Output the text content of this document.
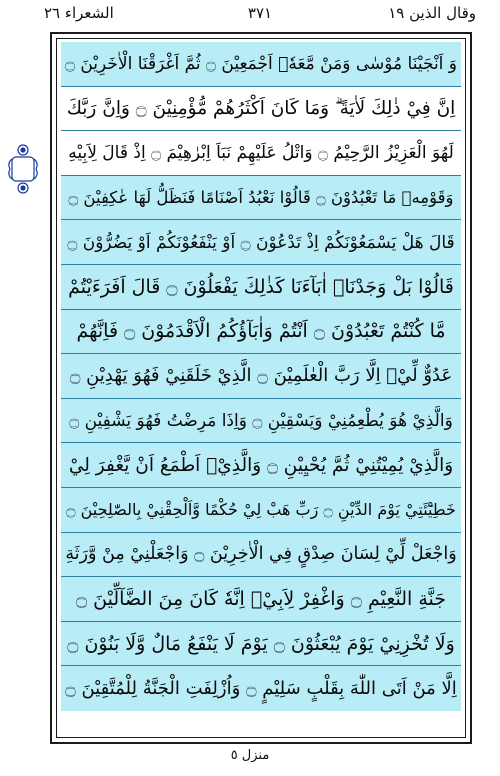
وقال الذين ١٩
٣٧١
الشعراء ٢٦
وَ اَنْجَيْنَا مُوْسٰى وَمَنْ مَّعَهٗۤ اَجْمَعِيْنَ ۝ ثُمَّ اَغْرَقْنَا الْاٰخَرِيْنَ ۝
اِنَّ فِيْ ذٰلِكَ لَاٰيَةً ۗ وَمَا كَانَ اَكْثَرُهُمْ مُّؤْمِنِيْنَ ۝ وَاِنَّ رَبَّكَ
لَهُوَ الْعَزِيْزُ الرَّحِيْمُ ۝ وَاتْلُ عَلَيْهِمْ نَبَاَ اِبْرٰهِيْمَ ۝ اِذْ قَالَ لِاَبِيْهِ
وَقَوْمِهٖ مَا تَعْبُدُوْنَ ۝ قَالُوْا نَعْبُدُ اَصْنَامًا فَنَظَلُّ لَهَا عٰكِفِيْنَ ۝
قَالَ هَلْ يَسْمَعُوْنَكُمْ اِذْ تَدْعُوْنَ ۝ اَوْ يَنْفَعُوْنَكُمْ اَوْ يَضُرُّوْنَ ۝
قَالُوْا بَلْ وَجَدْنَاۤ اٰبَآءَنَا كَذٰلِكَ يَفْعَلُوْنَ ۝ قَالَ اَفَرَءَيْتُمْ
مَّا كُنْتُمْ تَعْبُدُوْنَ ۝ اَنْتُمْ وَاٰبَآؤُكُمُ الْاَقْدَمُوْنَ ۝ فَاِنَّهُمْ
عَدُوٌّ لِّيْۤ اِلَّا رَبَّ الْعٰلَمِيْنَ ۝ الَّذِيْ خَلَقَنِيْ فَهُوَ يَهْدِيْنِ ۝
وَالَّذِيْ هُوَ يُطْعِمُنِيْ وَيَسْقِيْنِ ۝ وَاِذَا مَرِضْتُ فَهُوَ يَشْفِيْنِ ۝
وَالَّذِيْ يُمِيْتُنِيْ ثُمَّ يُحْيِيْنِ ۝ وَالَّذِيْۤ اَطْمَعُ اَنْ يَّغْفِرَ لِيْ
خَطِيْٓئَتِيْ يَوْمَ الدِّيْنِ ۝ رَبِّ هَبْ لِيْ حُكْمًا وَّاَلْحِقْنِيْ بِالصّٰلِحِيْنَ ۝
وَاجْعَلْ لِّيْ لِسَانَ صِدْقٍ فِي الْاٰخِرِيْنَ ۝ وَاجْعَلْنِيْ مِنْ وَّرَثَةِ
جَنَّةِ النَّعِيْمِ ۝ وَاغْفِرْ لِاَبِيْۤ اِنَّهٗ كَانَ مِنَ الضَّآلِّيْنَ ۝
وَلَا تُخْزِنِيْ يَوْمَ يُبْعَثُوْنَ ۝ يَوْمَ لَا يَنْفَعُ مَالٌ وَّلَا بَنُوْنَ ۝
اِلَّا مَنْ اَتَى اللّٰهَ بِقَلْبٍ سَلِيْمٍ ۝ وَاُزْلِفَتِ الْجَنَّةُ لِلْمُتَّقِيْنَ ۝
منزل ٥
